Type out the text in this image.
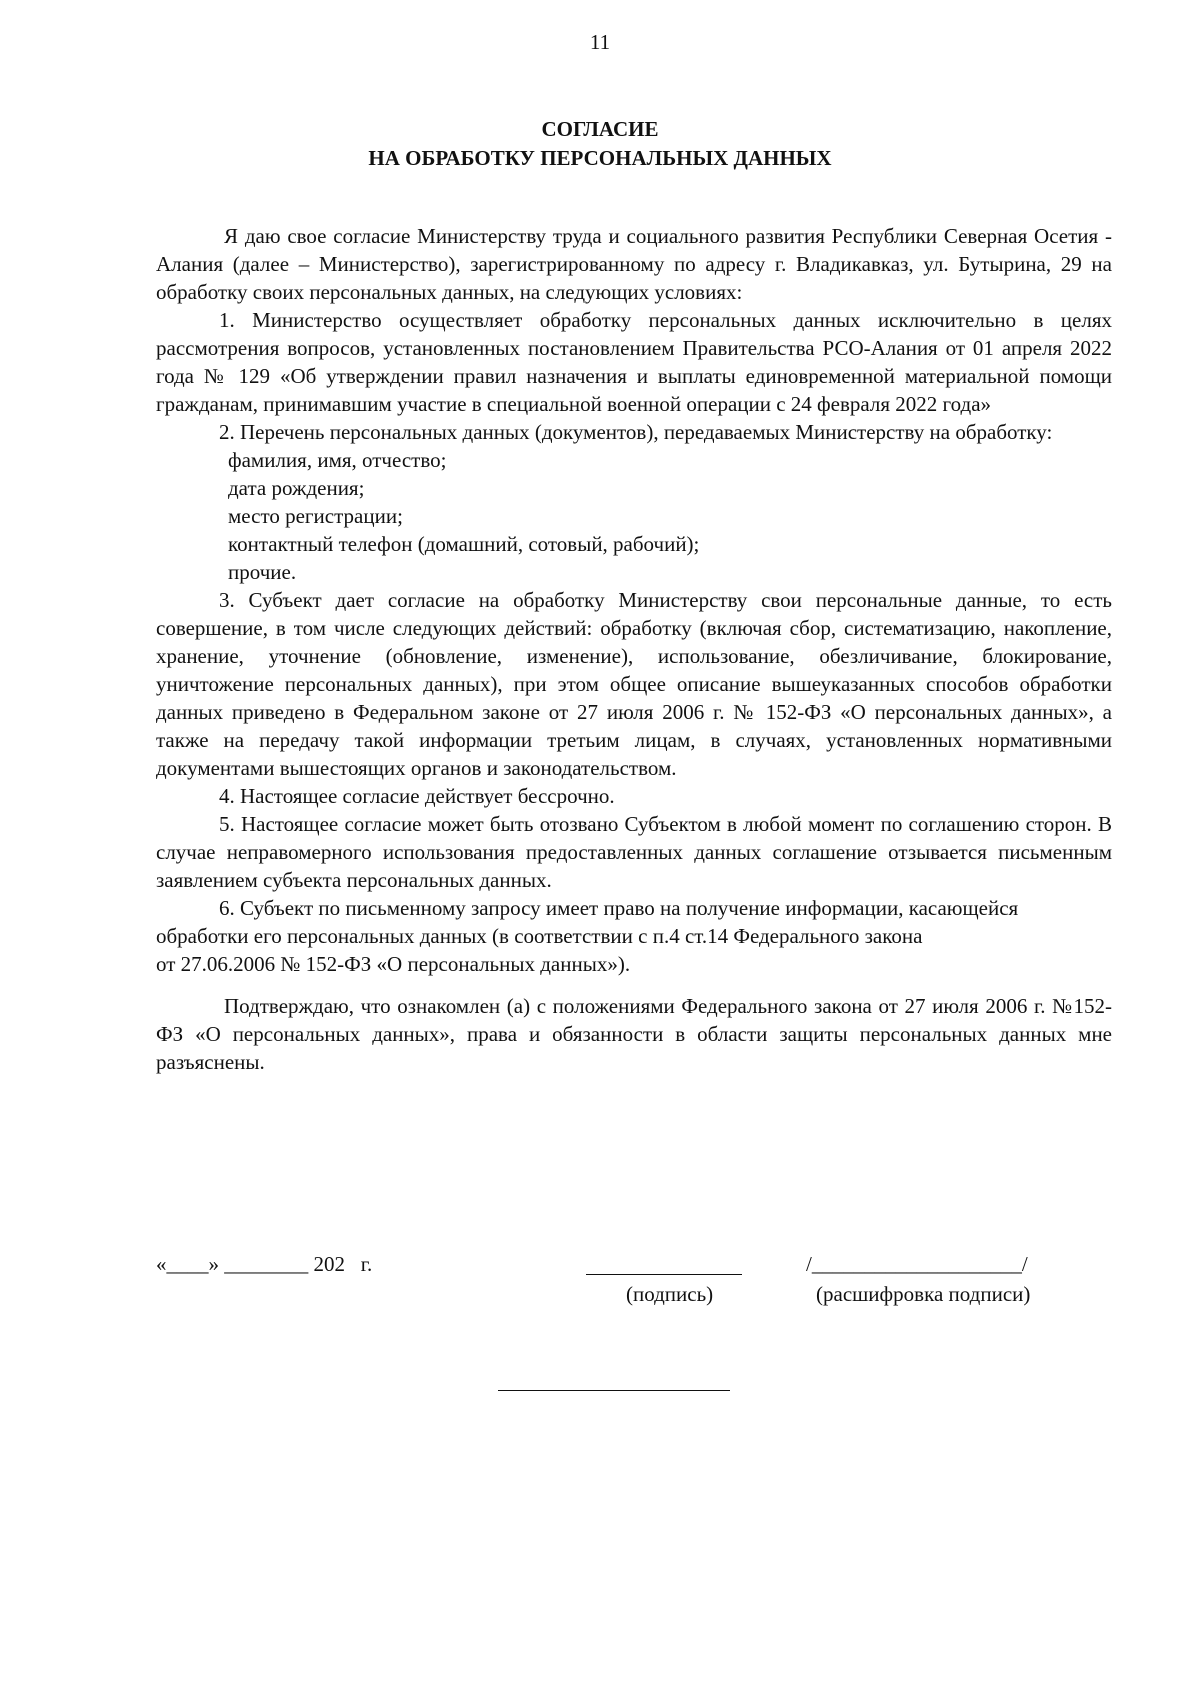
11
СОГЛАСИЕ
НА ОБРАБОТКУ ПЕРСОНАЛЬНЫХ ДАННЫХ

Я даю свое согласие Министерству труда и социального развития Республики Северная Осетия - Алания (далее – Министерство), зарегистрированному по адресу г. Владикавказ, ул. Бутырина, 29 на обработку своих персональных данных, на следующих условиях:

1. Министерство осуществляет обработку персональных данных исключительно в целях рассмотрения вопросов, установленных постановлением Правительства РСО-Алания от 01 апреля 2022 года № 129 «Об утверждении правил назначения и выплаты единовременной материальной помощи гражданам, принимавшим участие в специальной военной операции с 24 февраля 2022 года»

2. Перечень персональных данных (документов), передаваемых Министерству на обработку:

фамилия, имя, отчество;

дата рождения;

место регистрации;

контактный телефон (домашний, сотовый, рабочий);

прочие.

3. Субъект дает согласие на обработку Министерству свои персональные данные, то есть совершение, в том числе следующих действий: обработку (включая сбор, систематизацию, накопление, хранение, уточнение (обновление, изменение), использование, обезличивание, блокирование, уничтожение персональных данных), при этом общее описание вышеуказанных способов обработки данных приведено в Федеральном законе от 27 июля 2006 г. № 152-ФЗ «О персональных данных», а также на передачу такой информации третьим лицам, в случаях, установленных нормативными документами вышестоящих органов и законодательством.

4. Настоящее согласие действует бессрочно.

5. Настоящее согласие может быть отозвано Субъектом в любой момент по соглашению сторон. В случае неправомерного использования предоставленных данных соглашение отзывается письменным заявлением субъекта персональных данных.

6. Субъект по письменному запросу имеет право на получение информации, касающейся обработки его персональных данных (в соответствии с п.4 ст.14 Федерального закона

от 27.06.2006 № 152-ФЗ «О персональных данных»).

Подтверждаю, что ознакомлен (а) с положениями Федерального закона от 27 июля 2006 г. №152-ФЗ «О персональных данных», права и обязанности в области защиты персональных данных мне разъяснены.

«____» ________ 202   г.
(подпись)
/____________________/
(расшифровка подписи)
